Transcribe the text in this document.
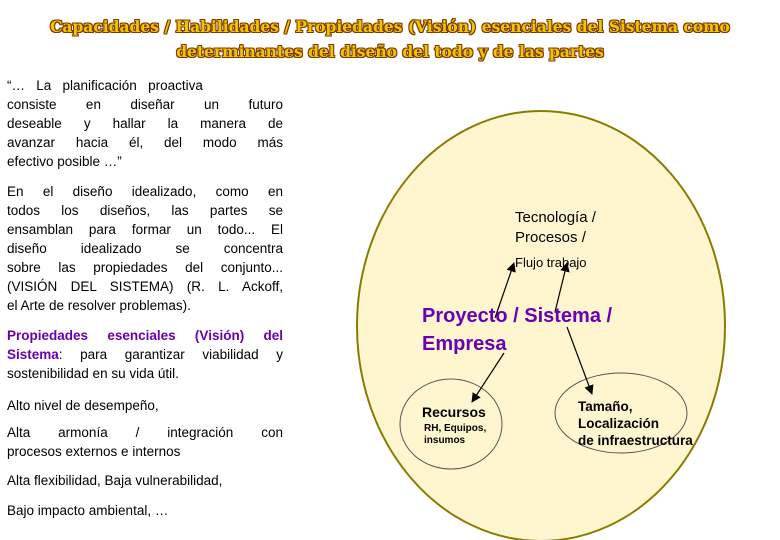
Capacidades / Habilidades / Propiedades (Visión) esenciales del Sistema como
determinantes del diseño del todo y de las partes
“…   La   planificación   proactiva
consiste en diseñar un futuro
deseable y hallar la manera de
avanzar hacia él, del modo más
efectivo posible …”
En el diseño idealizado, como en
todos los diseños, las partes se
ensamblan para formar un todo... El
diseño idealizado se concentra
sobre las propiedades del conjunto...
(VISIÓN DEL SISTEMA) (R. L. Ackoff,
el Arte de resolver problemas).

Propiedades esenciales (Visión) del Sistema: para garantizar viabilidad y

sostenibilidad en su vida útil.

Alto nivel de desempeño,

Alta armonía / integración con

procesos externos e internos

Alta flexibilidad, Baja vulnerabilidad,
Bajo impacto ambiental, …
Tecnología /
Procesos /
Flujo trabajo
Proyecto / Sistema /
Empresa
Recursos
RH, Equipos,
insumos
Tamaño,
Localización
de infraestructura
